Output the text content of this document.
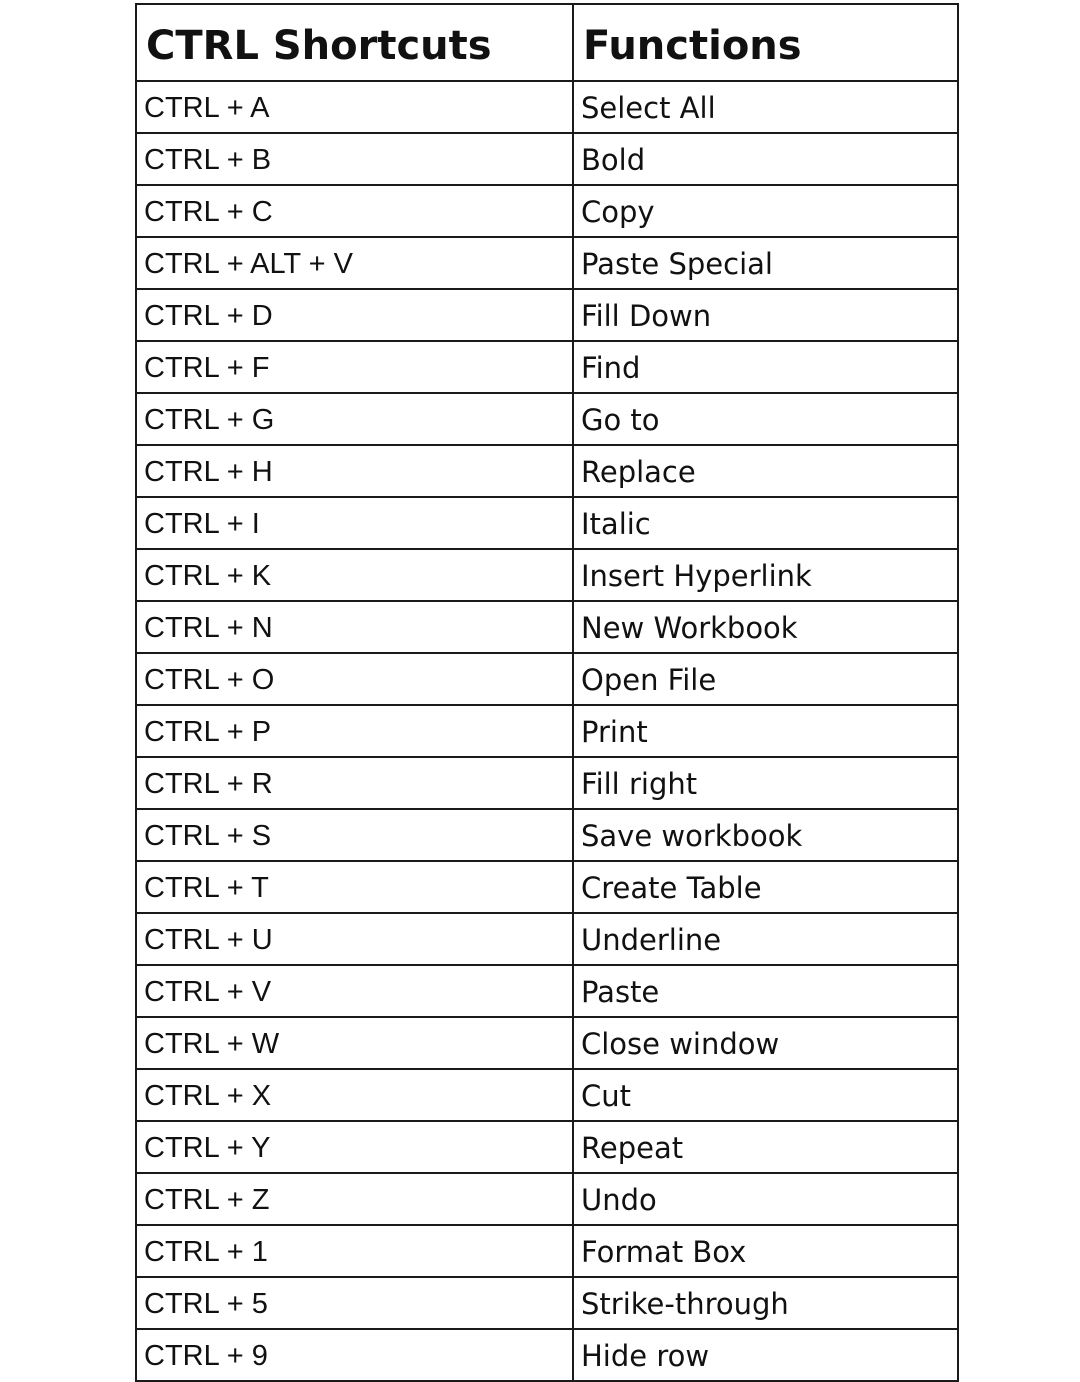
CTRL Shortcuts	Functions
CTRL + A	Select All
CTRL + B	Bold
CTRL + C	Copy
CTRL + ALT + V	Paste Special
CTRL + D	Fill Down
CTRL + F	Find
CTRL + G	Go to
CTRL + H	Replace
CTRL + I	Italic
CTRL + K	Insert Hyperlink
CTRL + N	New Workbook
CTRL + O	Open File
CTRL + P	Print
CTRL + R	Fill right
CTRL + S	Save workbook
CTRL + T	Create Table
CTRL + U	Underline
CTRL + V	Paste
CTRL + W	Close window
CTRL + X	Cut
CTRL + Y	Repeat
CTRL + Z	Undo
CTRL + 1	Format Box
CTRL + 5	Strike-through
CTRL + 9	Hide row
